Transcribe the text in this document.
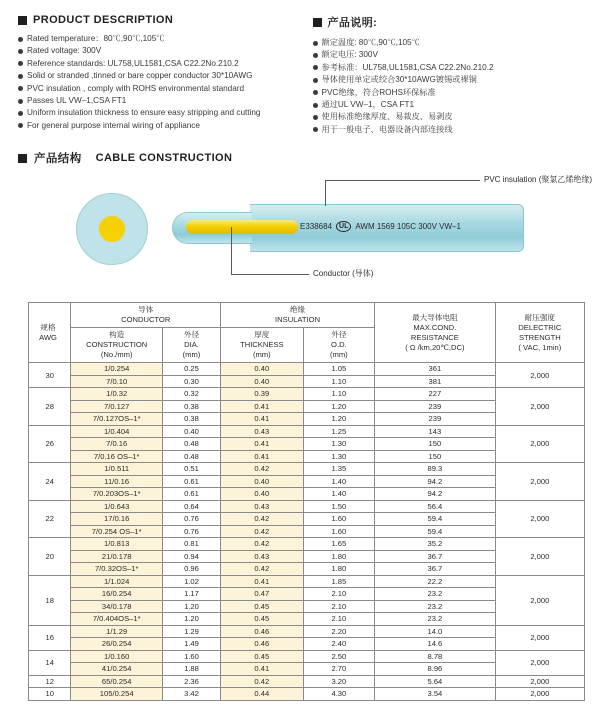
PRODUCT DESCRIPTION
Rated temperature：80℃,90℃,105℃
Rated voltage: 300V
Reference standards: UL758,UL1581,CSA C22.2No.210.2
Solid or stranded ,tinned or bare copper conductor 30*10AWG
PVC insulation , comply with ROHS environmental standard
Passes UL VW–1,CSA FT1
Uniform insulation thickness to ensure easy stripping and cutting
For general purpose internal wiring of appliance
产品说明:
额定温度: 80℃,90℃,105℃
额定电压: 300V
参考标准：UL758,UL1581,CSA C22.2No.210.2
导体使用单定或绞合30*10AWG镀锡或裸铜
PVC绝缘，符合ROHS环保标准
通过UL VW–1，CSA FT1
使用标准绝缘厚度、易裁皮、易剥皮
用于一般电子、电器设备内部连接线
产品结构 CABLE CONSTRUCTION
E338684	UL AWM 1569 105C 300V VW–1
PVC insulation (聚氯乙烯绝缘)
Conductor (导体)

导体
CONDUCTOR

绝缘
INSULATION	最大导体电阻
MAX.COND.
RESISTANCE
( Ω /km,20℃,DC)

耐压强度
DELECTRIC
STRENGTH
( VAC, 1min)

构造
CONSTRUCTION
(No./mm)

外径
DIA.
(mm)

厚度
THICKNESS
(mm)

外径
O.D.
(mm)

30	1/0.254	0.25	0.40	1.05	361	2,000
	7/0.10	0.30	0.40	1.10	381	
28	1/0.32	0.32	0.39	1.10	227	2,000
	7/0.127	0.38	0.41	1.20	239	
	7/0.127OS–1*	0.38	0.41	1.20	239	
26	1/0.404	0.40	0.43	1.25	143	2,000
	7/0.16	0.48	0.41	1.30	150	
	7/0.16 OS–1*	0.48	0.41	1.30	150	
24	1/0.511	0.51	0.42	1.35	89.3	2,000
	11/0.16	0.61	0.40	1.40	94.2	
	7/0.203OS–1*	0.61	0.40	1.40	94.2	
22	1/0.643	0.64	0.43	1.50	56.4	2,000
	17/0.16	0.76	0.42	1.60	59.4	
	7/0.254 OS–1*	0.76	0.42	1.60	59.4	
20	1/0.813	0.81	0.42	1.65	35.2	2,000
	21/0.178	0.94	0.43	1.80	36.7	
	7/0.32OS–1*	0.96	0.42	1.80	36.7	
18	1/1.024	1.02	0.41	1.85	22.2	2,000
	16/0.254	1.17	0.47	2.10	23.2	
	34/0.178	1.20	0.45	2.10	23.2	
	7/0.404OS–1*	1.20	0.45	2.10	23.2	
16	1/1.29	1.29	0.46	2.20	14.0	2,000
	26/0.254	1.49	0.46	2.40	14.6	
14	1/0.160	1.60	0.45	2.50	8.78	2,000
	41/0.254	1.88	0.41	2.70	8.96	
12	65/0.254	2.36	0.42	3.20	5.64	2,000
10	105/0.254	3.42	0.44	4.30	3.54	2,000
规格
AWG
